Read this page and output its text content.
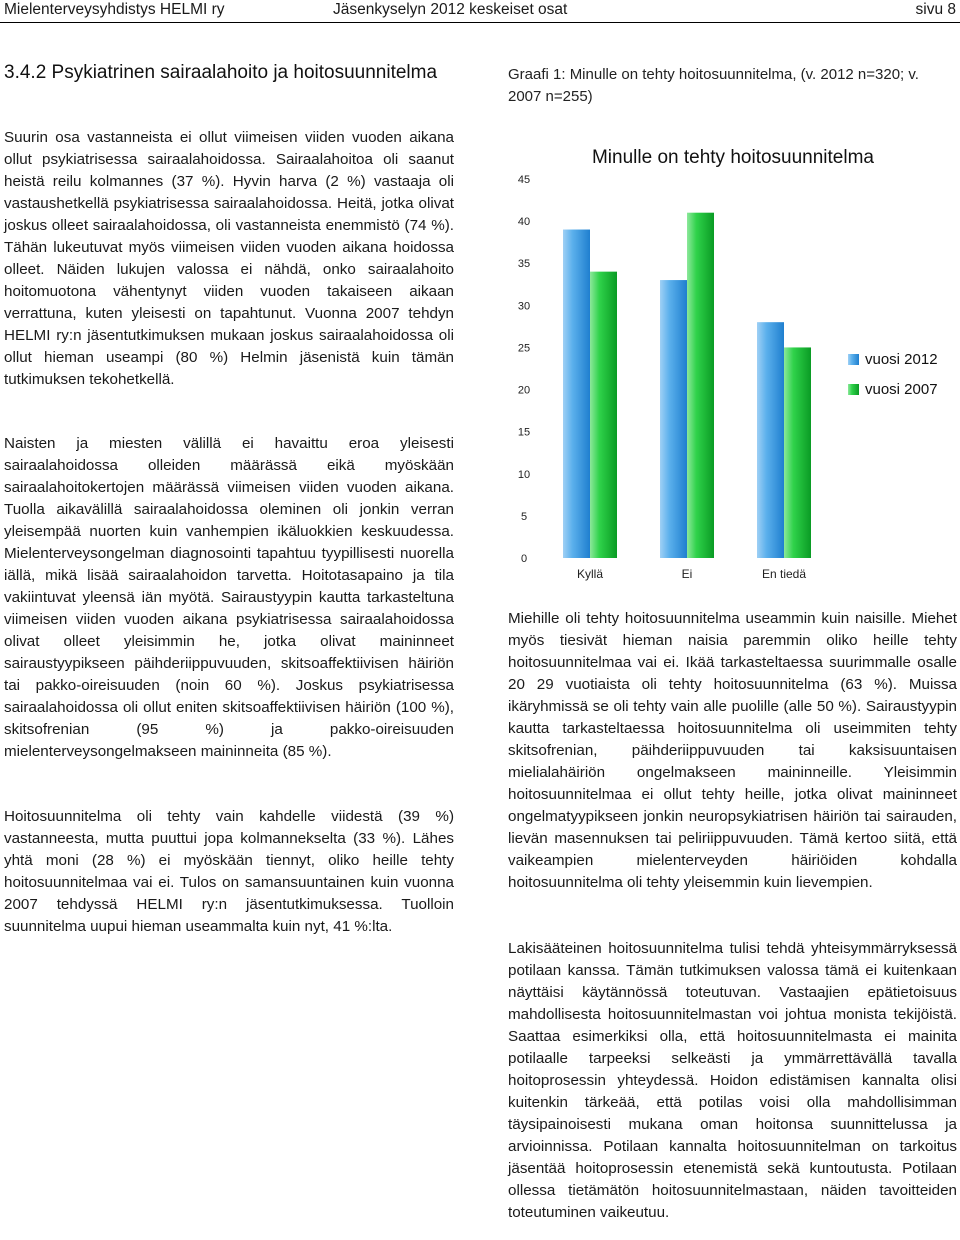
Mielenterveysyhdistys HELMI ry	Jäsenkyselyn 2012 keskeiset osat	sivu 8
3.4.2 Psykiatrinen sairaalahoito ja hoitosuunnitelma

Suurin osa vastanneista ei ollut viimeisen viiden vuoden aikana ollut psykiatrisessa sairaalahoidossa. Sairaalahoitoa oli saanut heistä reilu kolmannes (37 %). Hyvin harva (2 %) vastaaja oli vastaushetkellä psykiatrisessa sairaalahoidossa. Heitä, jotka olivat joskus olleet sairaalahoidossa, oli vastanneista enemmistö (74 %). Tähän lukeutuvat myös viimeisen viiden vuoden aikana hoidossa olleet. Näiden lukujen valossa ei nähdä, onko sairaalahoito hoitomuotona vähentynyt viiden vuoden takaiseen aikaan verrattuna, kuten yleisesti on tapahtunut. Vuonna 2007 tehdyn HELMI ry:n jäsentutkimuksen mukaan joskus sairaalahoidossa oli ollut hieman useampi (80 %) Helmin jäsenistä kuin tämän tutkimuksen tekohetkellä.

Naisten ja miesten välillä ei havaittu eroa yleisesti sairaalahoidossa olleiden määrässä eikä myöskään sairaalahoitokertojen määrässä viimeisen viiden vuoden aikana. Tuolla aikavälillä sairaalahoidossa oleminen oli jonkin verran yleisempää nuorten kuin vanhempien ikäluokkien keskuudessa. Mielenterveysongelman diagnosointi tapahtuu tyypillisesti nuorella iällä, mikä lisää sairaalahoidon tarvetta. Hoitotasapaino ja tila vakiintuvat yleensä iän myötä. Sairaustyypin kautta tarkasteltuna viimeisen viiden vuoden aikana psykiatrisessa sairaalahoidossa olivat olleet yleisimmin he, jotka olivat maininneet sairaustyypikseen päihderiippuvuuden, skitsoaffektiivisen häiriön tai pakko-oireisuuden (noin 60 %). Joskus psykiatrisessa sairaalahoidossa oli ollut eniten skitsoaffektiivisen häiriön (100 %), skitsofrenian (95 %) ja pakko-oireisuuden mielenterveysongelmakseen maininneita (85 %).

Hoitosuunnitelma oli tehty vain kahdelle viidestä (39 %) vastanneesta, mutta puuttui jopa kolmannekselta (33 %). Lähes yhtä moni (28 %) ei myöskään tiennyt, oliko heille tehty hoitosuunnitelmaa vai ei. Tulos on samansuuntainen kuin vuonna 2007 tehdyssä HELMI ry:n jäsentutkimuksessa. Tuolloin suunnitelma uupui hieman useammalta kuin nyt, 41 %:lta.

Graafi 1: Minulle on tehty hoitosuunnitelma, (v. 2012 n=320; v. 2007 n=255)
Minulle on tehty hoitosuunnitelma
0
5
10
15
20
25
30
35
40
45
Kyllä	Ei	En tiedä
vuosi 2012
vuosi 2007

Miehille oli tehty hoitosuunnitelma useammin kuin naisille. Miehet myös tiesivät hieman naisia paremmin oliko heille tehty hoitosuunnitelmaa vai ei. Ikää tarkasteltaessa suurimmalle osalle 20 29 vuotiaista oli tehty hoitosuunnitelma (63 %). Muissa ikäryhmissä se oli tehty vain alle puolille (alle 50 %). Sairaustyypin kautta tarkasteltaessa hoitosuunnitelma oli useimmiten tehty skitsofrenian, päihderiippuvuuden tai kaksisuuntaisen mielialahäiriön ongelmakseen maininneille. Yleisimmin hoitosuunnitelmaa ei ollut tehty heille, jotka olivat maininneet ongelmatyypikseen jonkin neuropsykiatrisen häiriön tai sairauden, lievän masennuksen tai peliriippuvuuden. Tämä kertoo siitä, että vaikeampien mielenterveyden häiriöiden kohdalla hoitosuunnitelma oli tehty yleisemmin kuin lievempien.

Lakisääteinen hoitosuunnitelma tulisi tehdä yhteisymmärryksessä potilaan kanssa. Tämän tutkimuksen valossa tämä ei kuitenkaan näyttäisi käytännössä toteutuvan. Vastaajien epätietoisuus mahdollisesta hoitosuunnitelmastan voi johtua monista tekijöistä. Saattaa esimerkiksi olla, että hoitosuunnitelmasta ei mainita potilaalle tarpeeksi selkeästi ja ymmärrettävällä tavalla hoitoprosessin yhteydessä. Hoidon edistämisen kannalta olisi kuitenkin tärkeää, että potilas voisi olla mahdollisimman täysipainoisesti mukana oman hoitonsa suunnittelussa ja arvioinnissa. Potilaan kannalta hoitosuunnitelman on tarkoitus jäsentää hoitoprosessin etenemistä sekä kuntoutusta. Potilaan ollessa tietämätön hoitosuunnitelmastaan, näiden tavoitteiden toteutuminen vaikeutuu.
